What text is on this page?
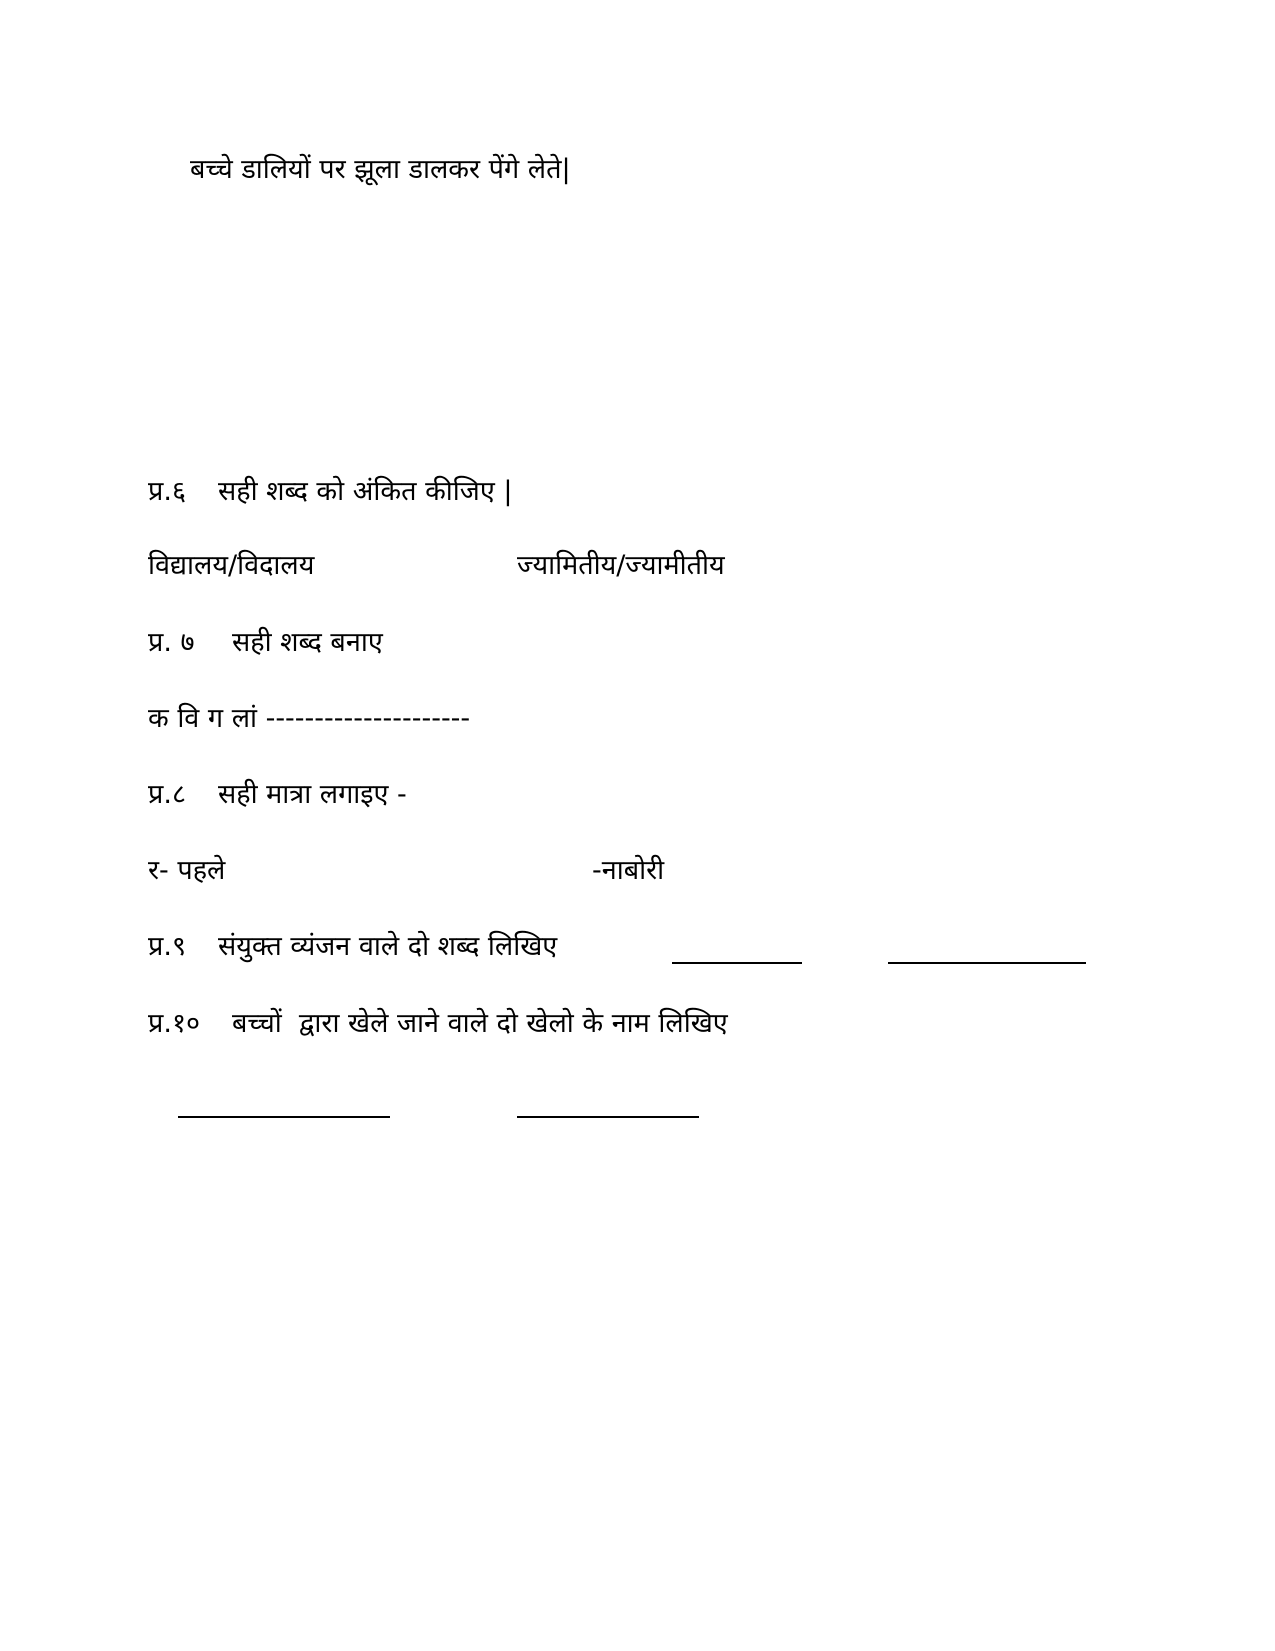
बच्चे डालियों पर झूला डालकर पेंगे लेते|
प्र.६ सही शब्द को अंकित कीजिए |
विद्यालय/विदालय	ज्यामितीय/ज्यामीतीय
प्र. ७ सही शब्द बनाए
क वि ग लां ---------------------
प्र.८ सही मात्रा लगाइए -
र- पहले	-नाबोरी
प्र.९ संयुक्त व्यंजन वाले दो शब्द लिखिए
प्र.१० बच्चों  द्वारा खेले जाने वाले दो खेलो के नाम लिखिए
